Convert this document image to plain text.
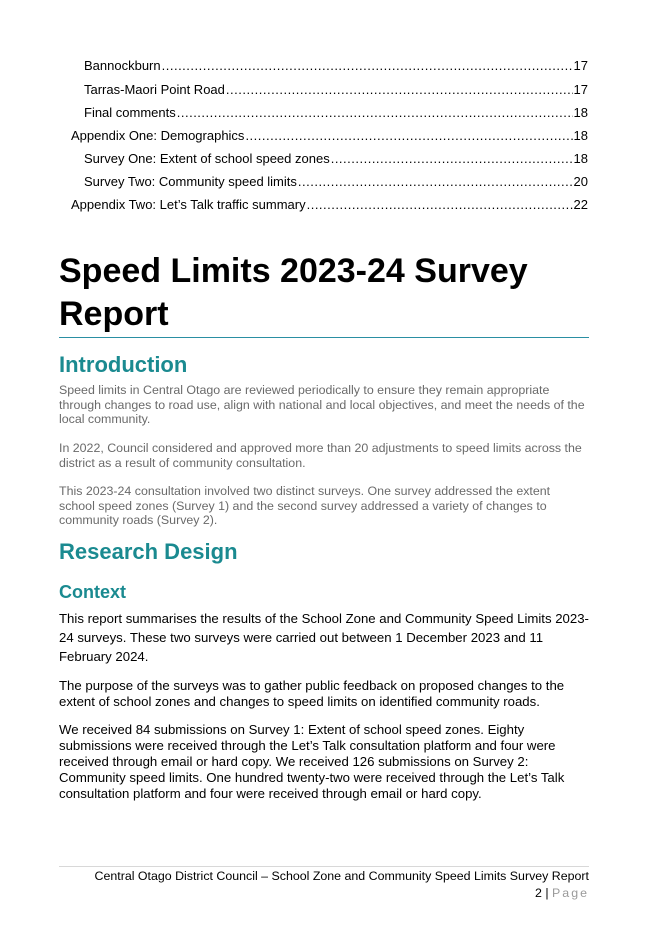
Bannockburn .....	17
Tarras-Maori Point Road .....	17
Final comments .....	18
Appendix One: Demographics .....	18
Survey One: Extent of school speed zones .....	18
Survey Two: Community speed limits .....	20
Appendix Two: Let’s Talk traffic summary .....	22
Speed Limits 2023-24 Survey
Report
Introduction

Speed limits in Central Otago are reviewed periodically to ensure they remain appropriate through changes to road use, align with national and local objectives, and meet the needs of the local community.

In 2022, Council considered and approved more than 20 adjustments to speed limits across the district as a result of community consultation.

This 2023-24 consultation involved two distinct surveys. One survey addressed the extent school speed zones (Survey 1) and the second survey addressed a variety of changes to community roads (Survey 2).

Research Design
Context

This report summarises the results of the School Zone and Community Speed Limits 2023-24 surveys. These two surveys were carried out between 1 December 2023 and 11 February 2024.

The purpose of the surveys was to gather public feedback on proposed changes to the extent of school zones and changes to speed limits on identified community roads.

We received 84 submissions on Survey 1: Extent of school speed zones. Eighty submissions were received through the Let’s Talk consultation platform and four were received through email or hard copy. We received 126 submissions on Survey 2: Community speed limits. One hundred twenty-two were received through the Let’s Talk consultation platform and four were received through email or hard copy.

Central Otago District Council – School Zone and Community Speed Limits Survey Report
2 | Page
